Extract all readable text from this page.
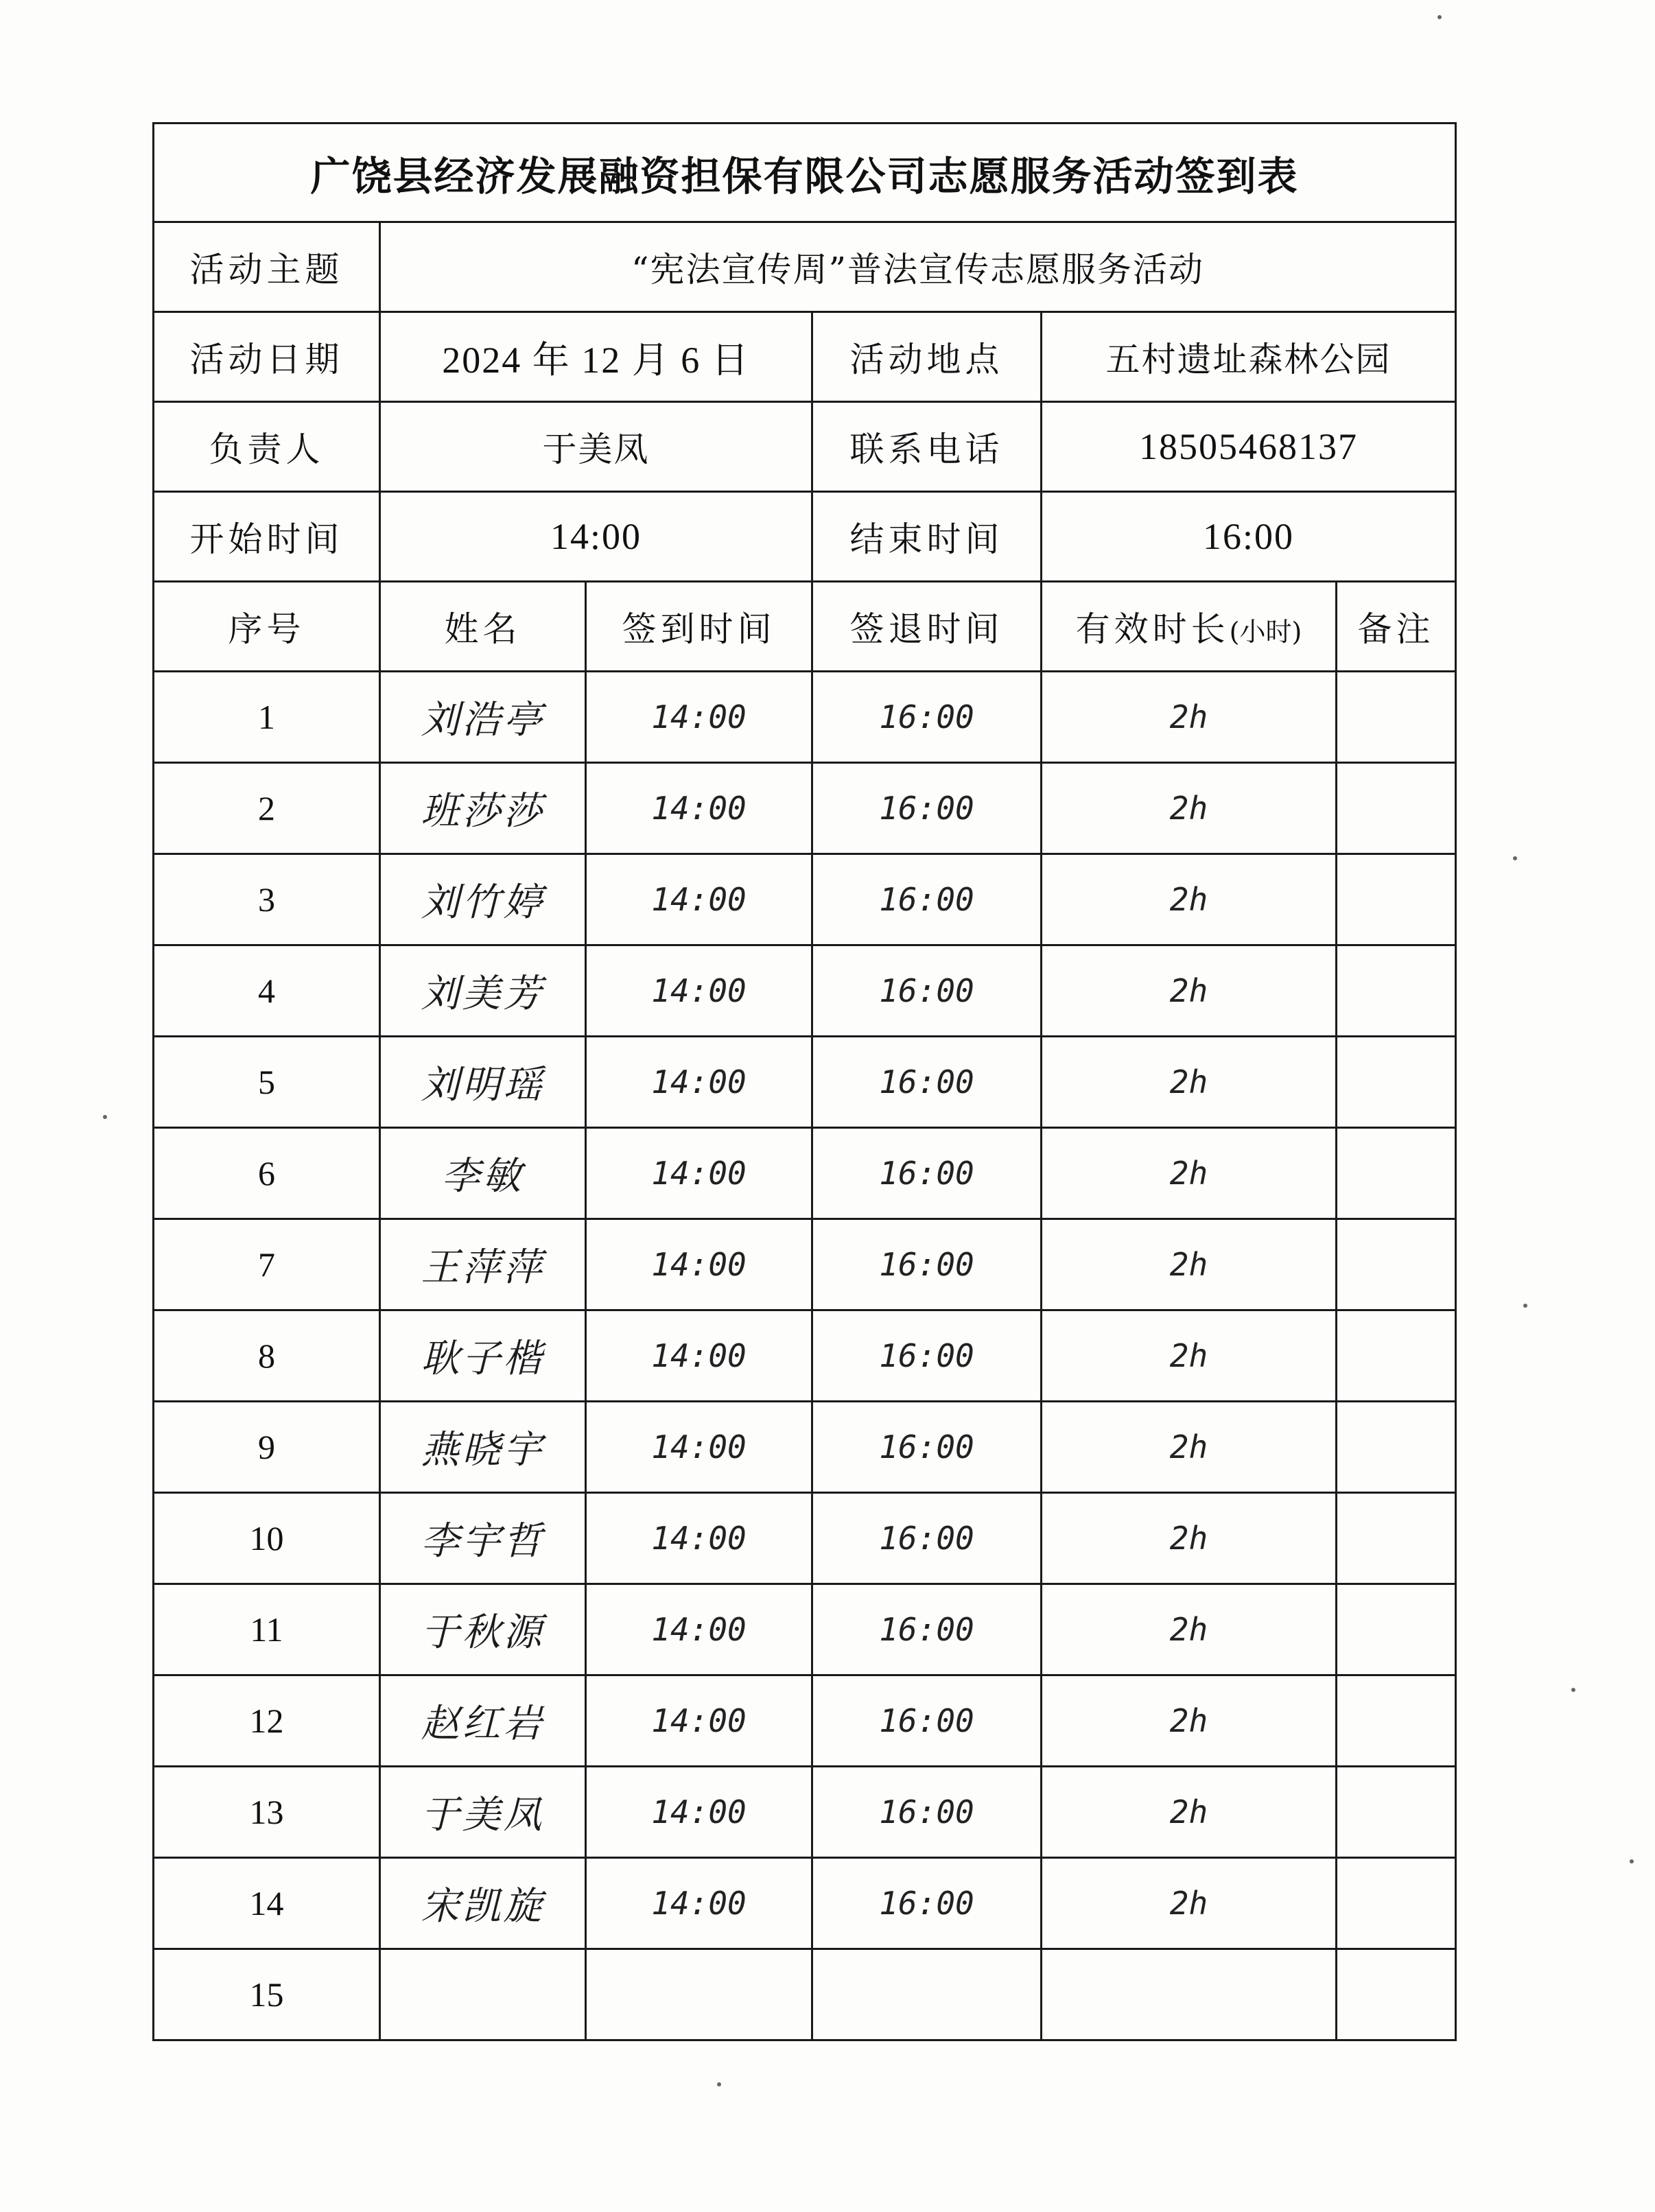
广饶县经济发展融资担保有限公司志愿服务活动签到表					
活动主题	“宪法宣传周”普法宣传志愿服务活动				
活动日期	2024 年 12 月 6 日		活动地点	五村遗址森林公园	
负责人	于美凤		联系电话	18505468137	
开始时间	14:00		结束时间	16:00	
序号	姓名	签到时间	签退时间	有效时长(小时)	备注
1	刘浩亭	14:00	16:00	2h	
2	班莎莎	14:00	16:00	2h	
3	刘竹婷	14:00	16:00	2h	
4	刘美芳	14:00	16:00	2h	
5	刘明瑶	14:00	16:00	2h	
6	李敏	14:00	16:00	2h	
7	王萍萍	14:00	16:00	2h	
8	耿子楷	14:00	16:00	2h	
9	燕晓宇	14:00	16:00	2h	
10	李宇哲	14:00	16:00	2h	
11	于秋源	14:00	16:00	2h	
12	赵红岩	14:00	16:00	2h	
13	于美凤	14:00	16:00	2h	
14	宋凯旋	14:00	16:00	2h	
15					
